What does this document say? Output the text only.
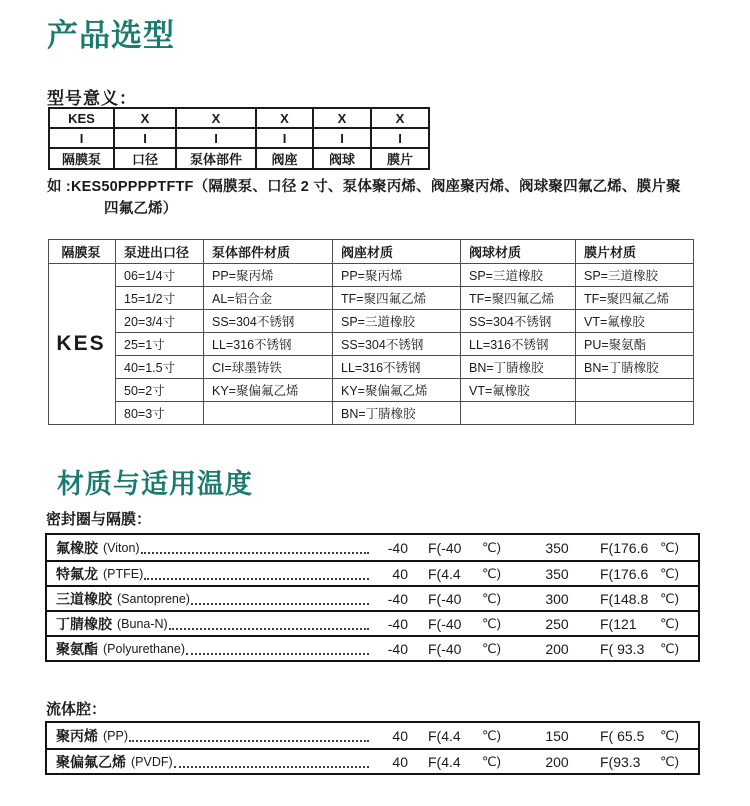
产品选型
型号意义：
KES	X	X	X	X	X
I	I	I	I	I	I
隔膜泵	口径	泵体部件	阀座	阀球	膜片
如 :KES50PPPPTFTF（隔膜泵、口径 2 寸、泵体聚丙烯、阀座聚丙烯、阀球聚四氟乙烯、膜片聚四氟乙烯）
隔膜泵	泵进出口径	泵体部件材质	阀座材质	阀球材质	膜片材质
KES	06=1/4寸	PP=聚丙烯	PP=聚丙烯	SP=三道橡胶	SP=三道橡胶
	15=1/2寸	AL=铝合金	TF=聚四氟乙烯	TF=聚四氟乙烯	TF=聚四氟乙烯
	20=3/4寸	SS=304不锈钢	SP=三道橡胶	SS=304不锈钢	VT=氟橡胶
	25=1寸	LL=316不锈钢	SS=304不锈钢	LL=316不锈钢	PU=聚氨酯
	40=1.5寸	CI=球墨铸铁	LL=316不锈钢	BN=丁腈橡胶	BN=丁腈橡胶
	50=2寸	KY=聚偏氟乙烯	KY=聚偏氟乙烯	VT=氟橡胶	
	80=3寸		BN=丁腈橡胶		
材质与适用温度
密封圈与隔膜：
氟橡胶 (Viton)	-40 F(-40	℃)	350	F(176.6 ℃)
特氟龙 (PTFE)	40 F(4.4	℃)	350	F(176.6 ℃)
三道橡胶 (Santoprene)	-40 F(-40	℃)	300	F(148.8 ℃)
丁腈橡胶 (Buna-N)	-40 F(-40	℃)	250	F(121	℃)
聚氨酯 (Polyurethane)	-40 F(-40	℃)	200	F( 93.3	℃)
流体腔：
聚丙烯 (PP)	40 F(4.4	℃)	150	F( 65.5	℃)
聚偏氟乙烯 (PVDF)	40 F(4.4	℃)	200	F(93.3	℃)
